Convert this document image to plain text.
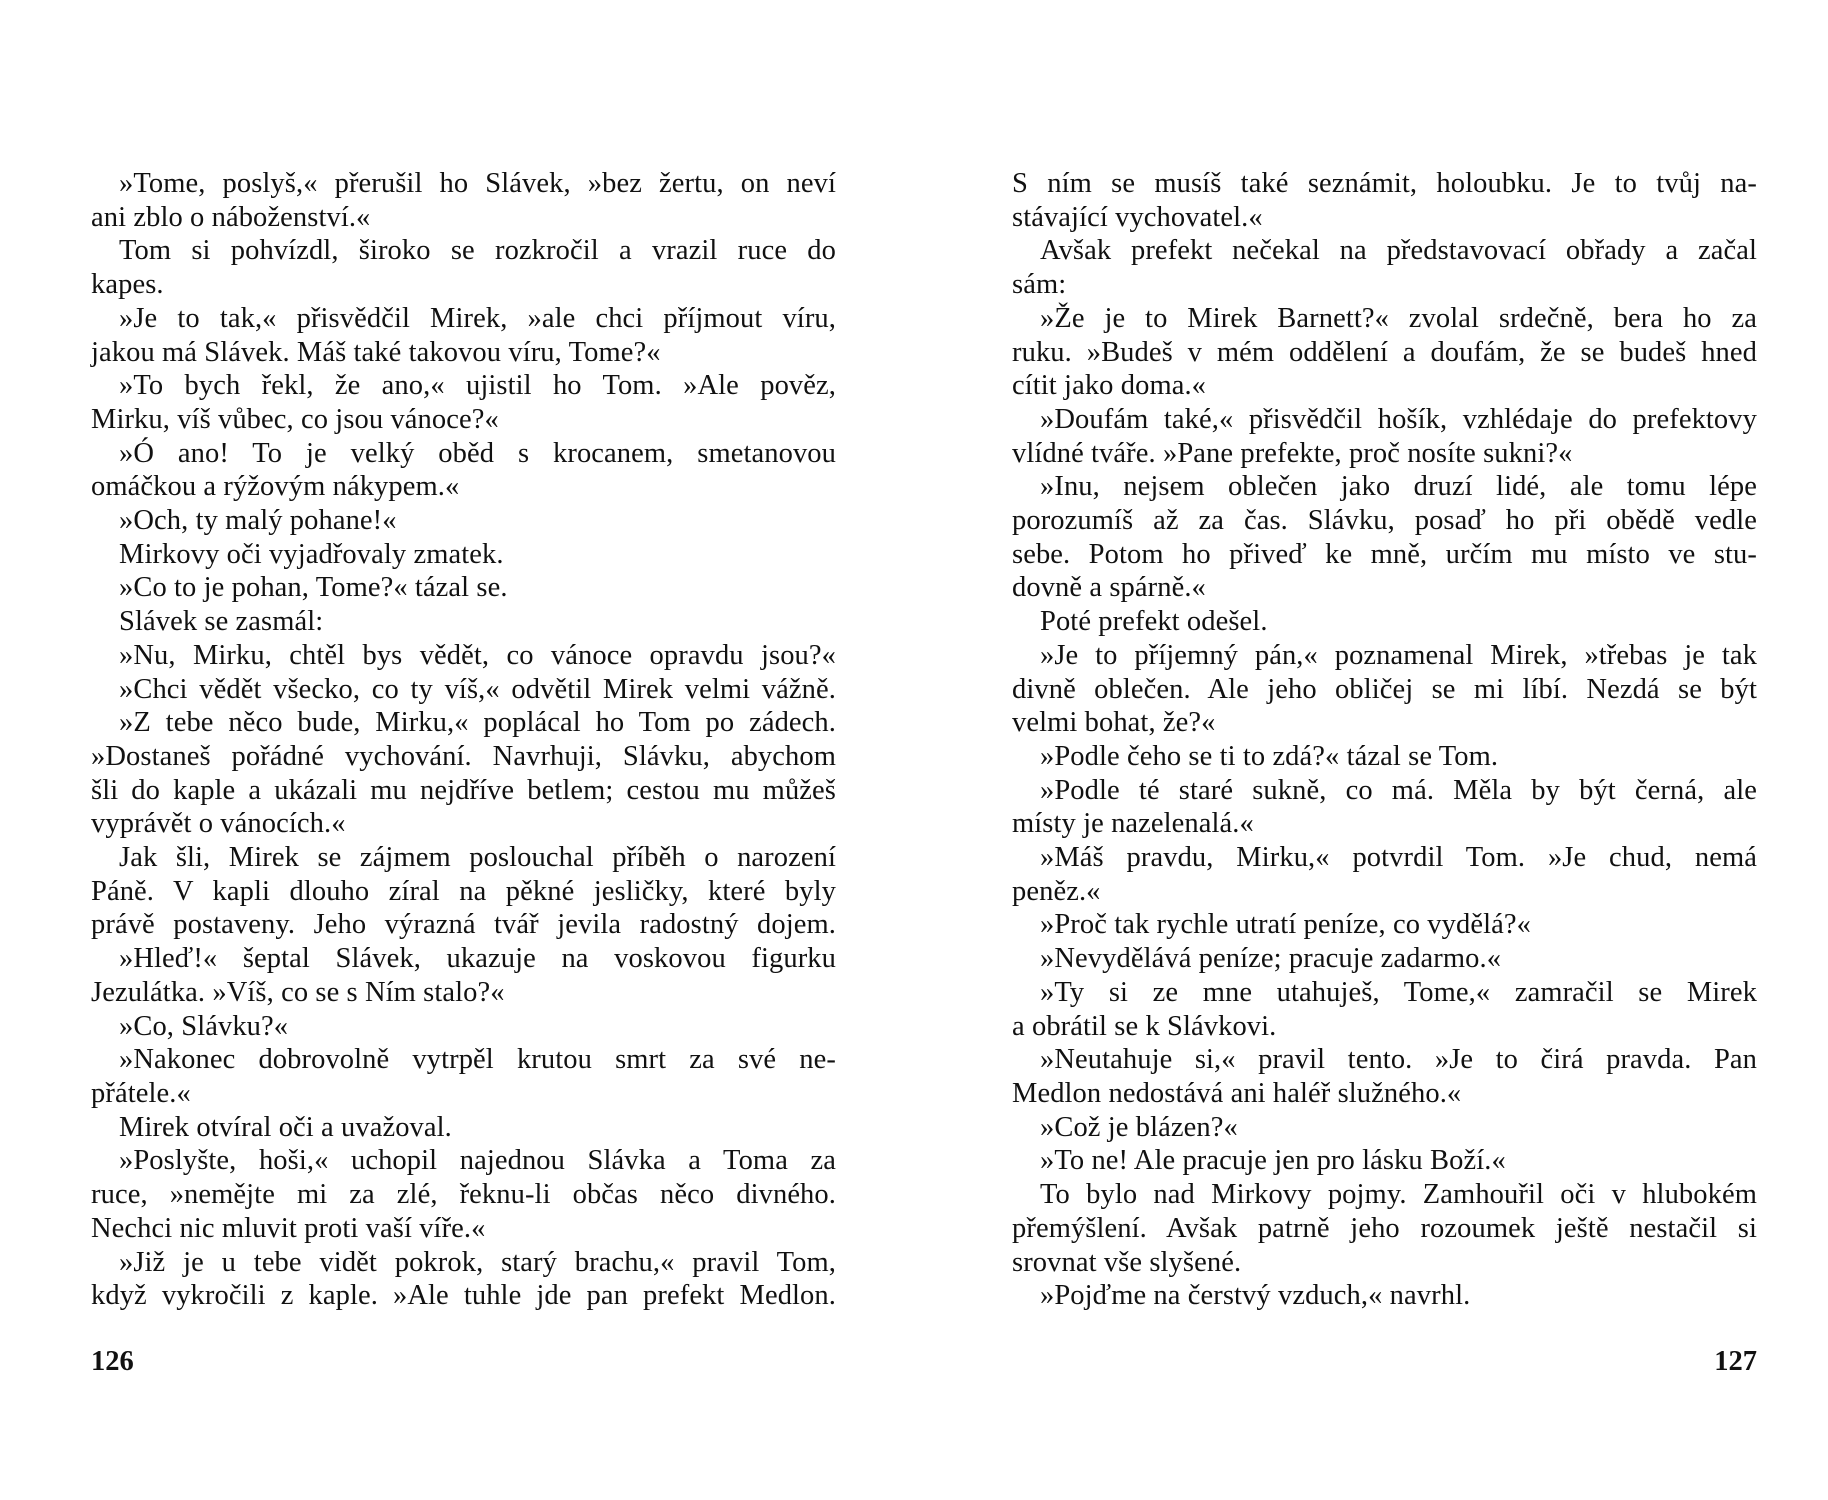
»Tome, poslyš,« přerušil ho Slávek, »bez žertu, on neví

ani zblo o náboženství.«

Tom si pohvízdl, široko se rozkročil a vrazil ruce do

kapes.

»Je to tak,« přisvědčil Mirek, »ale chci příjmout víru,

jakou má Slávek. Máš také takovou víru, Tome?«

»To bych řekl, že ano,« ujistil ho Tom. »Ale pověz,

Mirku, víš vůbec, co jsou vánoce?«

»Ó ano! To je velký oběd s krocanem, smetanovou

omáčkou a rýžovým nákypem.«

»Och, ty malý pohane!«

Mirkovy oči vyjadřovaly zmatek.

»Co to je pohan, Tome?« tázal se.

Slávek se zasmál:

»Nu, Mirku, chtěl bys vědět, co vánoce opravdu jsou?«

»Chci vědět všecko, co ty víš,« odvětil Mirek velmi vážně.

»Z tebe něco bude, Mirku,« poplácal ho Tom po zádech.

»Dostaneš pořádné vychování. Navrhuji, Slávku, abychom

šli do kaple a ukázali mu nejdříve betlem; cestou mu můžeš

vyprávět o vánocích.«

Jak šli, Mirek se zájmem poslouchal příběh o narození

Páně. V kapli dlouho zíral na pěkné jesličky, které byly

právě postaveny. Jeho výrazná tvář jevila radostný dojem.

»Hleď!« šeptal Slávek, ukazuje na voskovou figurku

Jezulátka. »Víš, co se s Ním stalo?«

»Co, Slávku?«

»Nakonec dobrovolně vytrpěl krutou smrt za své ne-

přátele.«

Mirek otvíral oči a uvažoval.

»Poslyšte, hoši,« uchopil najednou Slávka a Toma za

ruce, »nemějte mi za zlé, řeknu-li občas něco divného.

Nechci nic mluvit proti vaší víře.«

»Již je u tebe vidět pokrok, starý brachu,« pravil Tom,

když vykročili z kaple. »Ale tuhle jde pan prefekt Medlon.

126

S ním se musíš také seznámit, holoubku. Je to tvůj na-

stávající vychovatel.«

Avšak prefekt nečekal na představovací obřady a začal

sám:

»Že je to Mirek Barnett?« zvolal srdečně, bera ho za

ruku. »Budeš v mém oddělení a doufám, že se budeš hned

cítit jako doma.«

»Doufám také,« přisvědčil hošík, vzhlédaje do prefektovy

vlídné tváře. »Pane prefekte, proč nosíte sukni?«

»Inu, nejsem oblečen jako druzí lidé, ale tomu lépe

porozumíš až za čas. Slávku, posaď ho při obědě vedle

sebe. Potom ho přiveď ke mně, určím mu místo ve stu-

dovně a spárně.«

Poté prefekt odešel.

»Je to příjemný pán,« poznamenal Mirek, »třebas je tak

divně oblečen. Ale jeho obličej se mi líbí. Nezdá se být

velmi bohat, že?«

»Podle čeho se ti to zdá?« tázal se Tom.

»Podle té staré sukně, co má. Měla by být černá, ale

místy je nazelenalá.«

»Máš pravdu, Mirku,« potvrdil Tom. »Je chud, nemá

peněz.«

»Proč tak rychle utratí peníze, co vydělá?«

»Nevydělává peníze; pracuje zadarmo.«

»Ty si ze mne utahuješ, Tome,« zamračil se Mirek

a obrátil se k Slávkovi.

»Neutahuje si,« pravil tento. »Je to čirá pravda. Pan

Medlon nedostává ani haléř služného.«

»Což je blázen?«

»To ne! Ale pracuje jen pro lásku Boží.«

To bylo nad Mirkovy pojmy. Zamhouřil oči v hlubokém

přemýšlení. Avšak patrně jeho rozoumek ještě nestačil si

srovnat vše slyšené.

»Pojďme na čerstvý vzduch,« navrhl.

127
